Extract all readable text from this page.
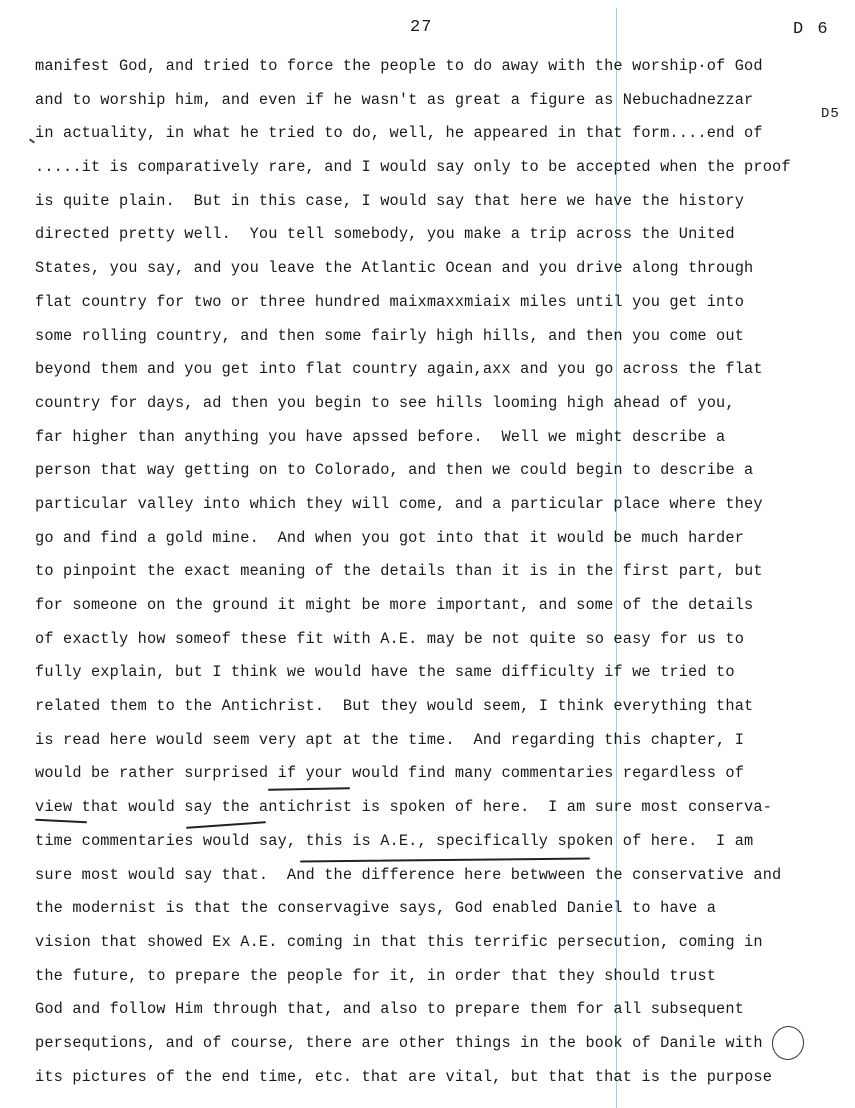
27	D 6
D5
manifest God, and tried to force the people to do away with the worship·of God
and to worship him, and even if he wasn't as great a figure as Nebuchadnezzar
in actuality, in what he tried to do, well, he appeared in that form....end of
.....it is comparatively rare, and I would say only to be accepted when the proof
is quite plain.  But in this case, I would say that here we have the history
directed pretty well.  You tell somebody, you make a trip across the United
States, you say, and you leave the Atlantic Ocean and you drive along through
flat country for two or three hundred maixmaxxmiaix miles until you get into
some rolling country, and then some fairly high hills, and then you come out
beyond them and you get into flat country again,axx and you go across the flat
country for days, ad then you begin to see hills looming high ahead of you,
far higher than anything you have apssed before.  Well we might describe a
person that way getting on to Colorado, and then we could begin to describe a
particular valley into which they will come, and a particular place where they
go and find a gold mine.  And when you got into that it would be much harder
to pinpoint the exact meaning of the details than it is in the first part, but
for someone on the ground it might be more important, and some of the details
of exactly how someof these fit with A.E. may be not quite so easy for us to
fully explain, but I think we would have the same difficulty if we tried to
related them to the Antichrist.  But they would seem, I think everything that
is read here would seem very apt at the time.  And regarding this chapter, I
would be rather surprised if your would find many commentaries regardless of
view that would say the antichrist is spoken of here.  I am sure most conserva-
time commentaries would say, this is A.E., specifically spoken of here.  I am
sure most would say that.  And the difference here betwween the conservative and
the modernist is that the conservagive says, God enabled Daniel to have a
vision that showed Ex A.E. coming in that this terrific persecution, coming in
the future, to prepare the people for it, in order that they should trust
God and follow Him through that, and also to prepare them for all subsequent
persequtions, and of course, there are other things in the book of Danile with
its pictures of the end time, etc. that are vital, but that that is the purpose
